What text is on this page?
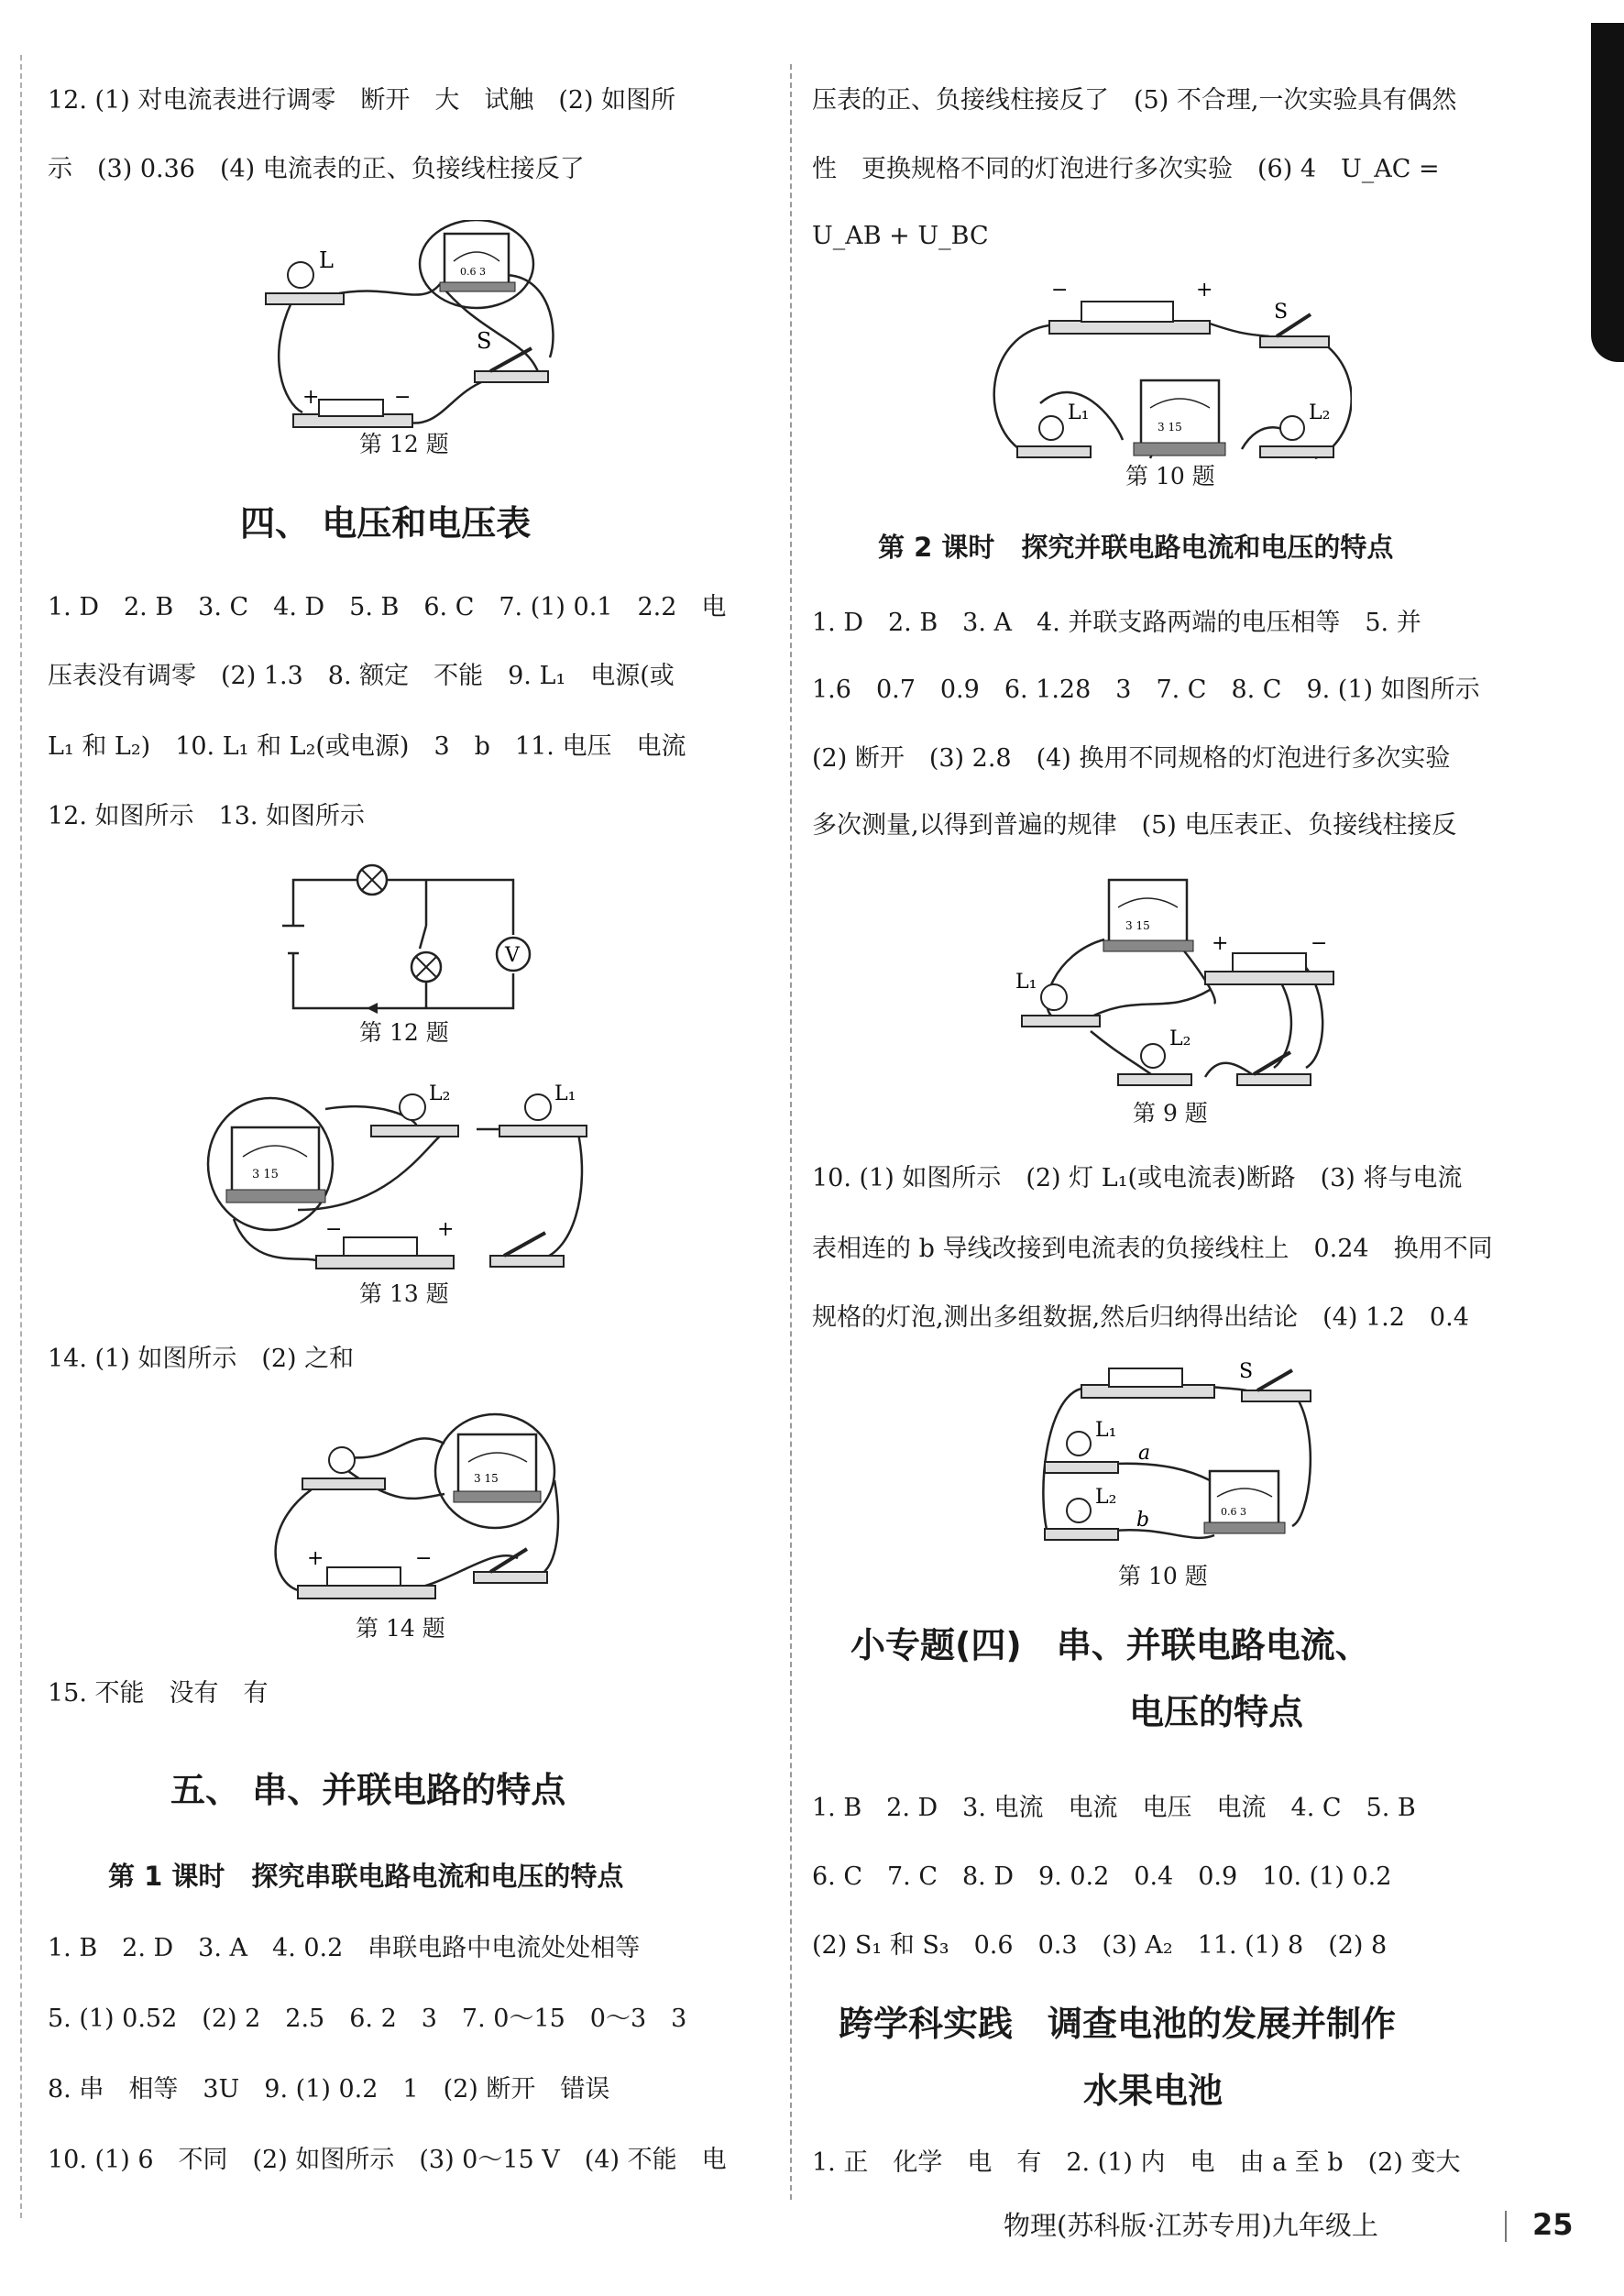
12. (1) 对电流表进行调零　断开　大　试触　(2) 如图所
示　(3) 0.36　(4) 电流表的正、负接线柱接反了
L	0.6 3
+	−
S
第 12 题
四、 电压和电压表
1. D　2. B　3. C　4. D　5. B　6. C　7. (1) 0.1　2.2　电
压表没有调零　(2) 1.3　8. 额定　不能　9. L₁　电源(或
L₁ 和 L₂)　10. L₁ 和 L₂(或电源)　3　b　11. 电压　电流
12. 如图所示　13. 如图所示
V
第 12 题
3 15
L₂	L₁
−	+
第 13 题
14. (1) 如图所示　(2) 之和
3 15
+	−
第 14 题
15. 不能　没有　有
五、 串、并联电路的特点
第 1 课时　探究串联电路电流和电压的特点
1. B　2. D　3. A　4. 0.2　串联电路中电流处处相等
5. (1) 0.52　(2) 2　2.5　6. 2　3　7. 0～15　0～3　3
8. 串　相等　3U　9. (1) 0.2　1　(2) 断开　错误
10. (1) 6　不同　(2) 如图所示　(3) 0～15 V　(4) 不能　电
压表的正、负接线柱接反了　(5) 不合理,一次实验具有偶然
性　更换规格不同的灯泡进行多次实验　(6) 4　U_AC =
U_AB + U_BC
−	+
S
L₁
3 15
L₂
第 10 题
第 2 课时　探究并联电路电流和电压的特点
1. D　2. B　3. A　4. 并联支路两端的电压相等　5. 并
1.6　0.7　0.9　6. 1.28　3　7. C　8. C　9. (1) 如图所示
(2) 断开　(3) 2.8　(4) 换用不同规格的灯泡进行多次实验
多次测量,以得到普遍的规律　(5) 电压表正、负接线柱接反
3 15
L₁
+	−
L₂
第 9 题
10. (1) 如图所示　(2) 灯 L₁(或电流表)断路　(3) 将与电流
表相连的 b 导线改接到电流表的负接线柱上　0.24　换用不同
规格的灯泡,测出多组数据,然后归纳得出结论　(4) 1.2　0.4
S
L₁
a
L₂
b	0.6 3
第 10 题
小专题(四)　串、并联电路电流、
电压的特点
1. B　2. D　3. 电流　电流　电压　电流　4. C　5. B
6. C　7. C　8. D　9. 0.2　0.4　0.9　10. (1) 0.2
(2) S₁ 和 S₃　0.6　0.3　(3) A₂　11. (1) 8　(2) 8
跨学科实践　调查电池的发展并制作
水果电池
1. 正　化学　电　有　2. (1) 内　电　由 a 至 b　(2) 变大
物理(苏科版·江苏专用)九年级上	25
